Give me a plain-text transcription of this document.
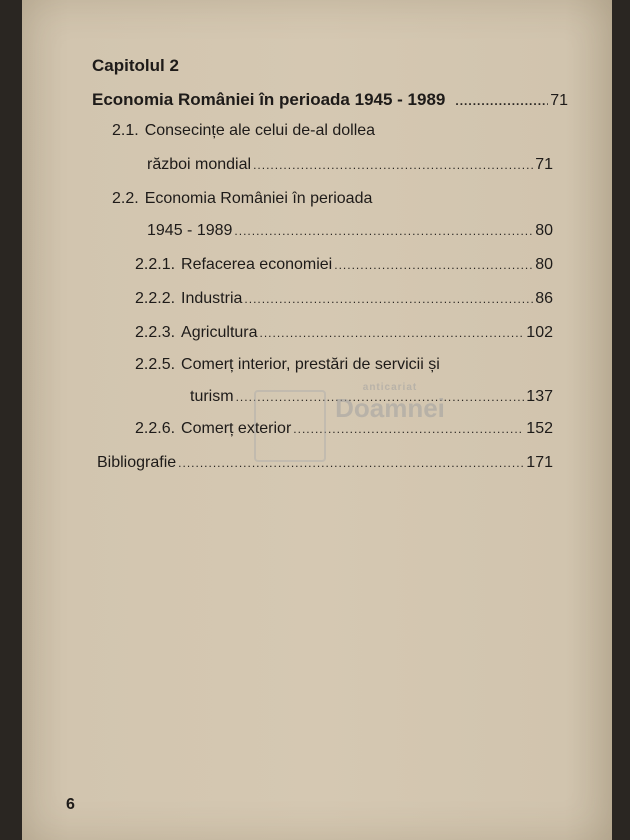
Capitolul 2
Economia României în perioada 1945 - 1989 .....	71
2.1. Consecințe ale celui de-al dollea
război mondial .....	71
2.2. Economia României în perioada
1945 - 1989 .....	80
2.2.1. Refacerea economiei .....	80
2.2.2. Industria .....	86
2.2.3. Agricultura .....	102
2.2.5. Comerț interior, prestări de servicii și
turism .....	137
2.2.6. Comerț exterior .....	152
Bibliografie .....	171
anticariat
Doamnei
6
